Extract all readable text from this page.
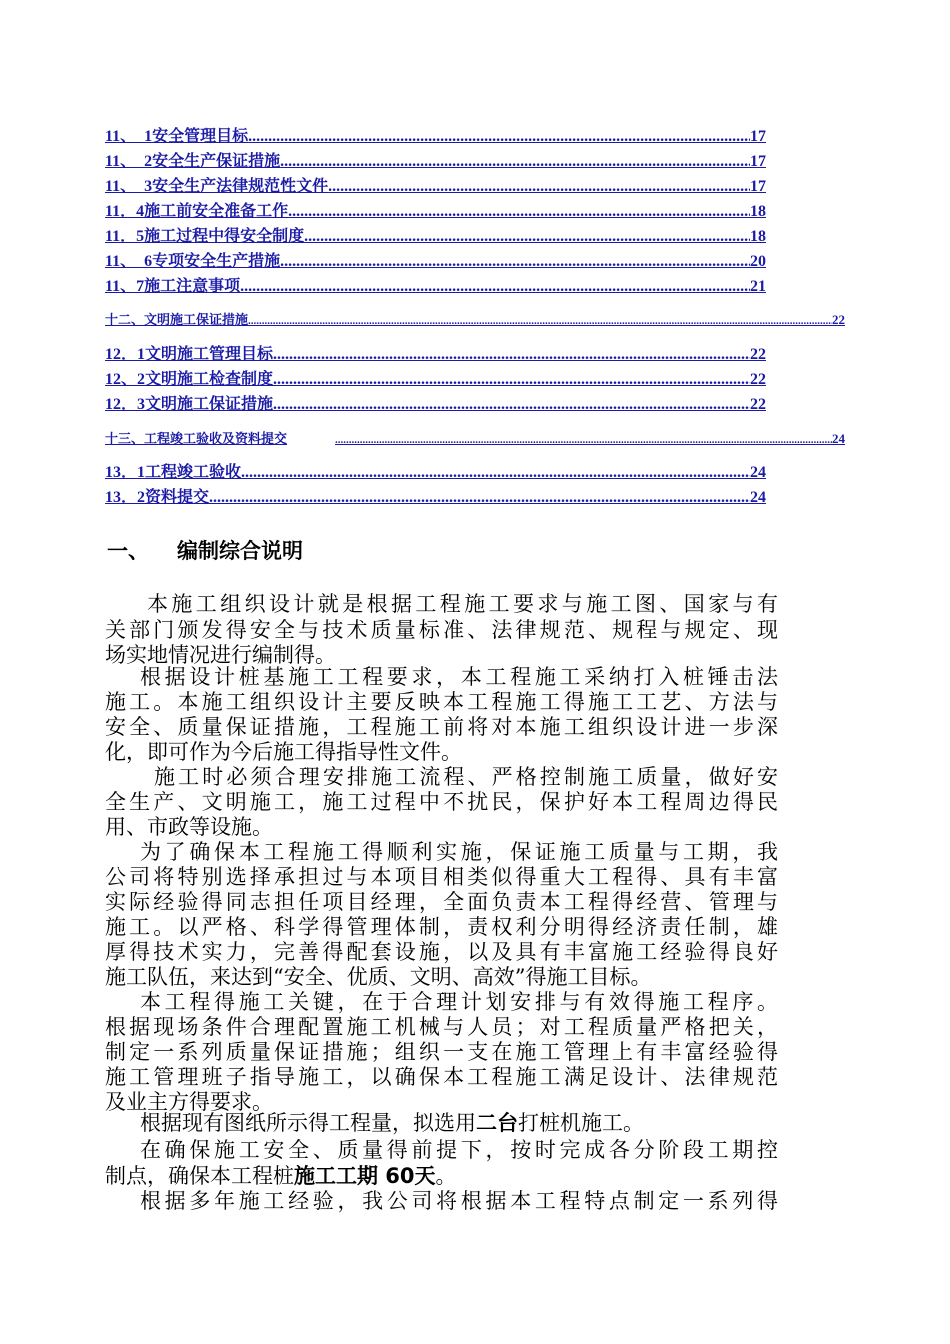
11、　1安全管理目标 .....	17
11、　2安全生产保证措施 .....	17
11、　3安全生产法律规范性文件 .....	17
11．4施工前安全准备工作 .....	18
11．5施工过程中得安全制度 .....	18
11、　6专项安全生产措施 .....	20
11、7施工注意事项 .....	21
十二、文明施工保证措施 .....	22
12．1文明施工管理目标 .....	22
12、2文明施工检查制度 .....	22
12．3文明施工保证措施 .....	22
十三、工程竣工验收及资料提交 .....	24
13．1工程竣工验收 .....	24
13．2资料提交 .....	24
一、 编制综合说明
本施工组织设计就是根据工程施工要求与施工图、国家与有
关部门颁发得安全与技术质量标准、法律规范、规程与规定、现
场实地情况进行编制得。
根据设计桩基施工工程要求，本工程施工采纳打入桩锤击法
施工。本施工组织设计主要反映本工程施工得施工工艺、方法与
安全、质量保证措施，工程施工前将对本施工组织设计进一步深
化，即可作为今后施工得指导性文件。
施工时必须合理安排施工流程、严格控制施工质量，做好安
全生产、文明施工，施工过程中不扰民，保护好本工程周边得民
用、市政等设施。
为了确保本工程施工得顺利实施，保证施工质量与工期，我
公司将特别选择承担过与本项目相类似得重大工程得、具有丰富
实际经验得同志担任项目经理，全面负责本工程得经营、管理与
施工。以严格、科学得管理体制，责权利分明得经济责任制，雄
厚得技术实力，完善得配套设施，以及具有丰富施工经验得良好
施工队伍，来达到“安全、优质、文明、高效”得施工目标。
本工程得施工关键，在于合理计划安排与有效得施工程序。
根据现场条件合理配置施工机械与人员；对工程质量严格把关，
制定一系列质量保证措施；组织一支在施工管理上有丰富经验得
施工管理班子指导施工，以确保本工程施工满足设计、法律规范
及业主方得要求。
根据现有图纸所示得工程量，拟选用二台打桩机施工。
在确保施工安全、质量得前提下，按时完成各分阶段工期控
制点，确保本工程桩施工工期 60天。
根据多年施工经验，我公司将根据本工程特点制定一系列得
